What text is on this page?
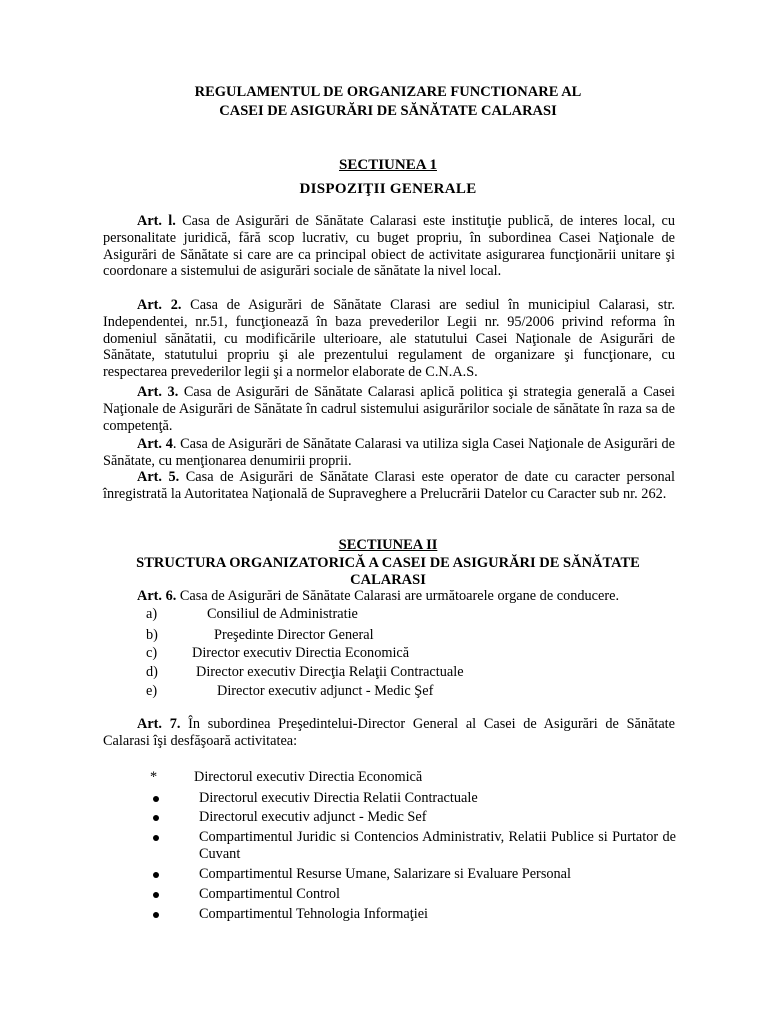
REGULAMENTUL DE ORGANIZARE FUNCTIONARE AL
CASEI DE ASIGURĂRI DE SĂNĂTATE CALARASI
SECTIUNEA 1
DISPOZIŢII GENERALE
Art. l. Casa de Asigurări de Sănătate Calarasi este instituţie publică, de interes local, cu personalitate juridică, fără scop lucrativ, cu buget propriu, în subordinea Casei Naţionale de Asigurări de Sănătate si care are ca principal obiect de activitate asigurarea funcţionării unitare şi coordonare a sistemului de asigurări sociale de sănătate la nivel local.
Art. 2. Casa de Asigurări de Sănătate Clarasi are sediul în municipiul Calarasi, str. Independentei, nr.51, funcţionează în baza prevederilor Legii nr. 95/2006 privind reforma în domeniul sănătatii, cu modificările ulterioare, ale statutului Casei Naţionale de Asigurări de Sănătate, statutului propriu şi ale prezentului regulament de organizare şi funcţionare, cu respectarea prevederilor legii şi a normelor elaborate de C.N.A.S.
Art. 3. Casa de Asigurări de Sănătate Calarasi aplică politica şi strategia generală a Casei Naţionale de Asigurări de Sănătate în cadrul sistemului asigurărilor sociale de sănătate în raza sa de competenţă.
Art. 4. Casa de Asigurări de Sănătate Calarasi va utiliza sigla Casei Naţionale de Asigurări de Sănătate, cu menţionarea denumirii proprii.
Art. 5. Casa de Asigurări de Sănătate Clarasi este operator de date cu caracter personal înregistrată la Autoritatea Naţională de Supraveghere a Prelucrării Datelor cu Caracter sub nr. 262.
SECTIUNEA II
STRUCTURA ORGANIZATORICĂ A CASEI DE ASIGURĂRI DE SĂNĂTATE
CALARASI
Art. 6. Casa de Asigurări de Sănătate Calarasi are următoarele organe de conducere.
a)	Consiliul de Administratie
b)	Preşedinte Director General
c) Director executiv Directia Economică
d)	Director executiv Direcţia Relaţii Contractuale
e)	Director executiv adjunct - Medic Şef
Art. 7. În subordinea Preşedintelui-Director General al Casei de Asigurări de Sănătate Calarasi îşi desfăşoară activitatea:
*	Directorul executiv Directia Economică
Directorul executiv Directia Relatii Contractuale
Directorul executiv adjunct - Medic Sef
Compartimentul Juridic si Contencios Administrativ, Relatii Publice si Purtator de Cuvant
Compartimentul Resurse Umane, Salarizare si Evaluare Personal
Compartimentul Control
Compartimentul Tehnologia Informaţiei
